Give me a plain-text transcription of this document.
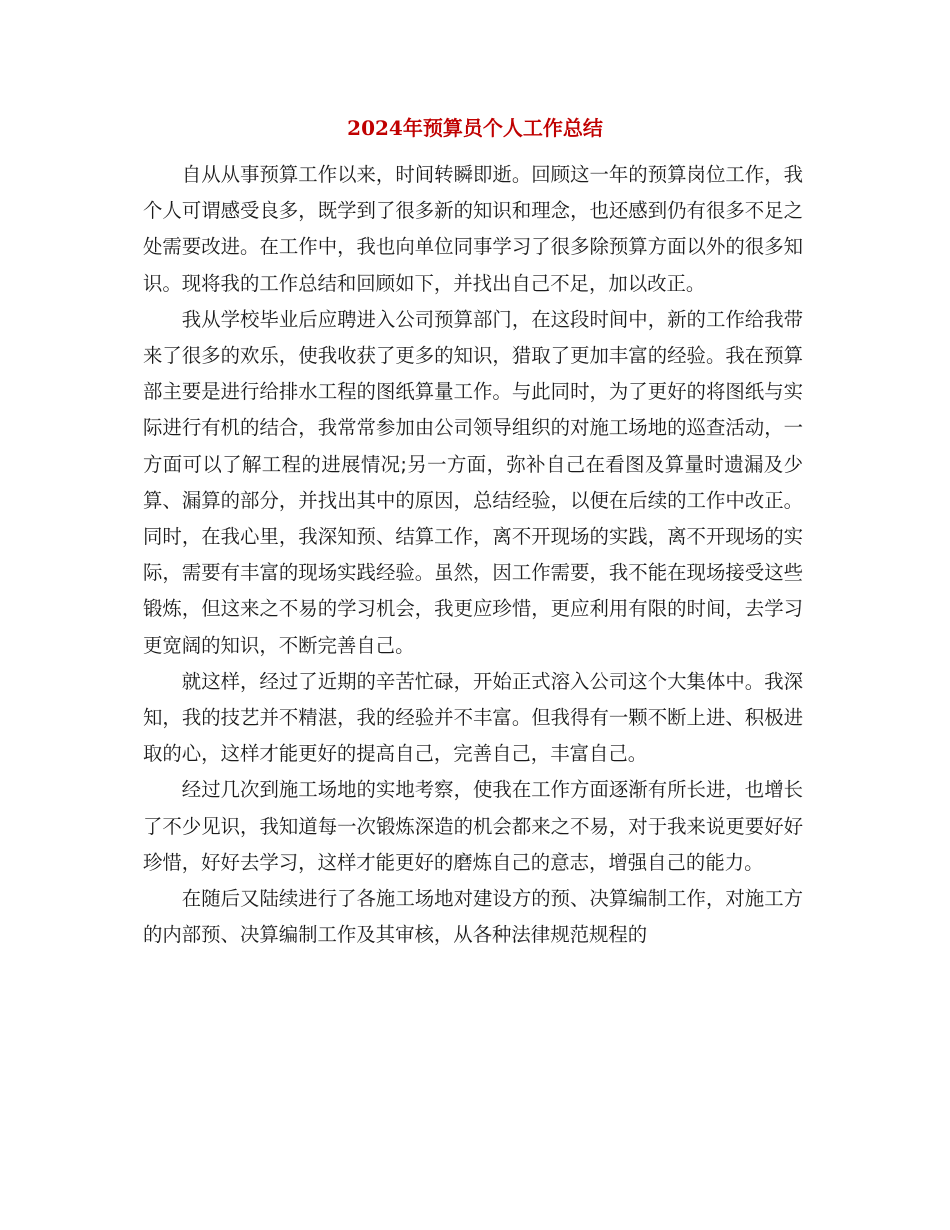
2024年预算员个人工作总结

自从从事预算工作以来，时间转瞬即逝。回顾这一年的预算岗位工作，我个人可谓感受良多，既学到了很多新的知识和理念，也还感到仍有很多不足之处需要改进。在工作中，我也向单位同事学习了很多除预算方面以外的很多知识。现将我的工作总结和回顾如下，并找出自己不足，加以改正。

我从学校毕业后应聘进入公司预算部门，在这段时间中，新的工作给我带来了很多的欢乐，使我收获了更多的知识，猎取了更加丰富的经验。我在预算部主要是进行给排水工程的图纸算量工作。与此同时，为了更好的将图纸与实际进行有机的结合，我常常参加由公司领导组织的对施工场地的巡查活动，一方面可以了解工程的进展情况;另一方面，弥补自己在看图及算量时遗漏及少算、漏算的部分，并找出其中的原因，总结经验，以便在后续的工作中改正。同时，在我心里，我深知预、结算工作，离不开现场的实践，离不开现场的实际，需要有丰富的现场实践经验。虽然，因工作需要，我不能在现场接受这些锻炼，但这来之不易的学习机会，我更应珍惜，更应利用有限的时间，去学习更宽阔的知识，不断完善自己。

就这样，经过了近期的辛苦忙碌，开始正式溶入公司这个大集体中。我深知，我的技艺并不精湛，我的经验并不丰富。但我得有一颗不断上进、积极进取的心，这样才能更好的提高自己，完善自己，丰富自己。

经过几次到施工场地的实地考察，使我在工作方面逐渐有所长进，也增长了不少见识，我知道每一次锻炼深造的机会都来之不易，对于我来说更要好好珍惜，好好去学习，这样才能更好的磨炼自己的意志，增强自己的能力。

在随后又陆续进行了各施工场地对建设方的预、决算编制工作，对施工方的内部预、决算编制工作及其审核，从各种法律规范规程的
